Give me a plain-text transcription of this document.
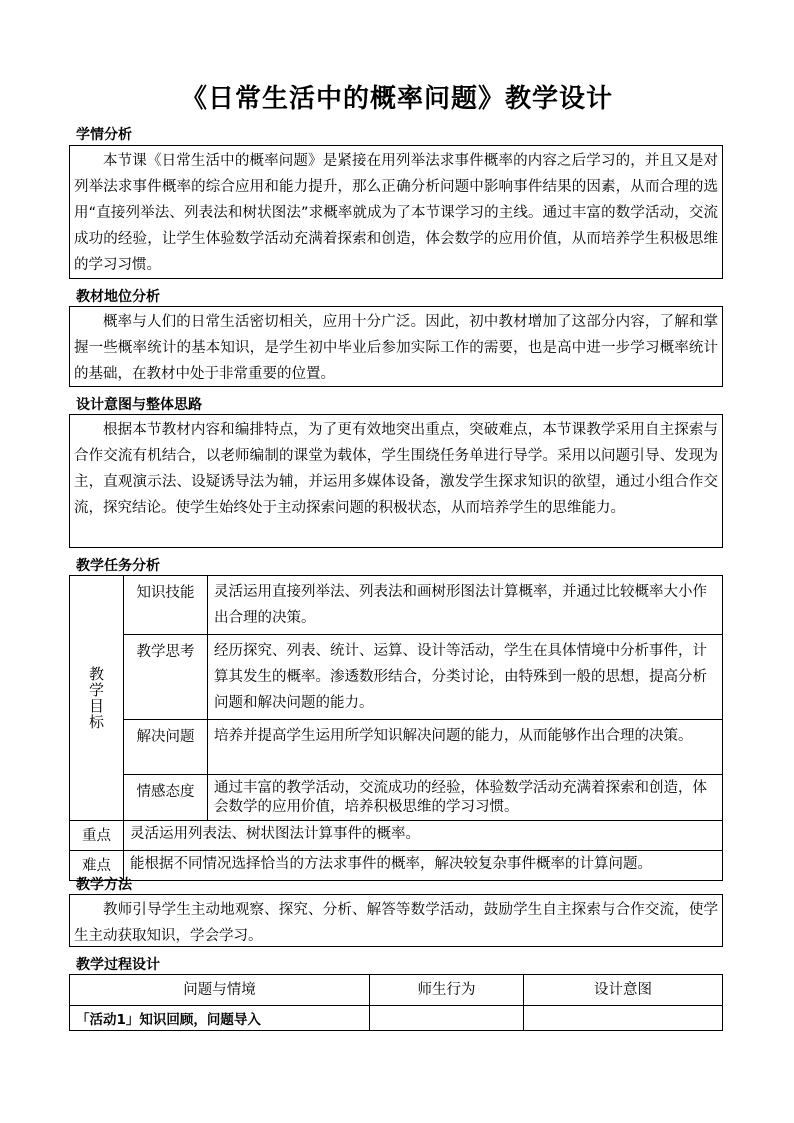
《日常生活中的概率问题》教学设计
学情分析

本节课《日常生活中的概率问题》是紧接在用列举法求事件概率的内容之后学习的，并且又是对列举法求事件概率的综合应用和能力提升，那么正确分析问题中影响事件结果的因素，从而合理的选用“直接列举法、列表法和树状图法”求概率就成为了本节课学习的主线。通过丰富的数学活动，交流成功的经验，让学生体验数学活动充满着探索和创造，体会数学的应用价值，从而培养学生积极思维的学习习惯。

教材地位分析

概率与人们的日常生活密切相关，应用十分广泛。因此，初中教材增加了这部分内容，了解和掌握一些概率统计的基本知识，是学生初中毕业后参加实际工作的需要，也是高中进一步学习概率统计的基础，在教材中处于非常重要的位置。

设计意图与整体思路

根据本节教材内容和编排特点，为了更有效地突出重点，突破难点，本节课教学采用自主探索与合作交流有机结合，以老师编制的课堂为载体，学生围绕任务单进行导学。采用以问题引导、发现为主，直观演示法、设疑诱导法为辅，并运用多媒体设备，激发学生探求知识的欲望，通过小组合作交流，探究结论。使学生始终处于主动探索问题的积极状态，从而培养学生的思维能力。

教学任务分析
教学目标	知识技能	灵活运用直接列举法、列表法和画树形图法计算概率，并通过比较概率大小作出合理的决策。
	教学思考	经历探究、列表、统计、运算、设计等活动，学生在具体情境中分析事件，计算其发生的概率。渗透数形结合，分类讨论，由特殊到一般的思想，提高分析问题和解决问题的能力。
	解决问题	培养并提高学生运用所学知识解决问题的能力，从而能够作出合理的决策。
	情感态度	通过丰富的教学活动，交流成功的经验，体验数学活动充满着探索和创造，体会数学的应用价值，培养积极思维的学习习惯。
重点	灵活运用列表法、树状图法计算事件的概率。	
难点	能根据不同情况选择恰当的方法求事件的概率，解决较复杂事件概率的计算问题。	
教学方法

教师引导学生主动地观察、探究、分析、解答等数学活动，鼓励学生自主探索与合作交流，使学生主动获取知识，学会学习。

教学过程设计
问题与情境	师生行为	设计意图
「活动1」知识回顾，问题导入		
